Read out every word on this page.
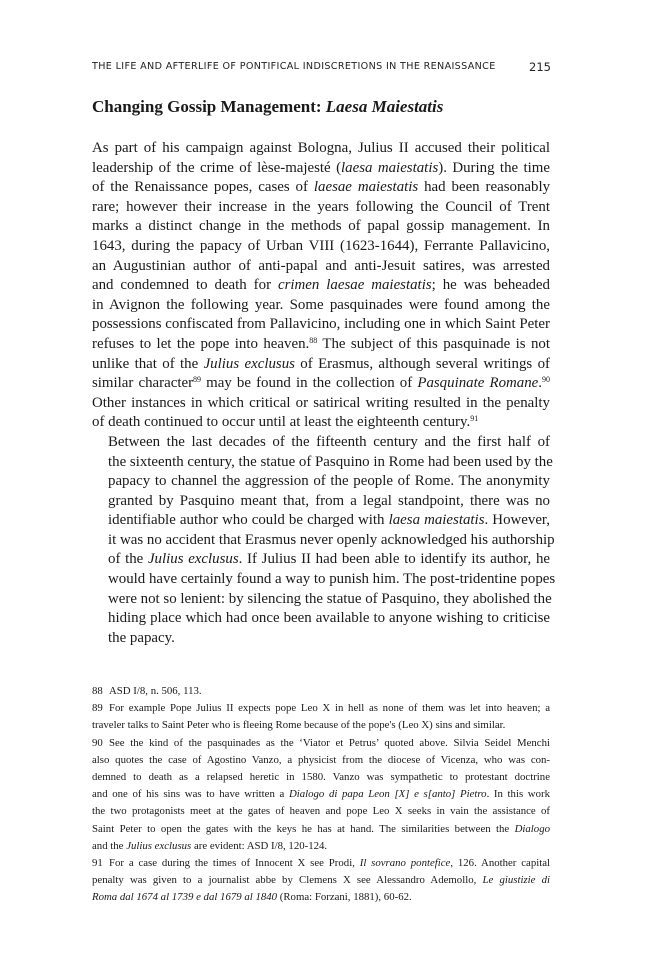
THE LIFE AND AFTERLIFE OF PONTIFICAL INDISCRETIONS IN THE RENAISSANCE	215
Changing Gossip Management: Laesa Maiestatis

As part of his campaign against Bologna, Julius II accused their political
leadership of the crime of lèse-majesté (laesa maiestatis). During the time
of the Renaissance popes, cases of laesae maiestatis had been reasonably
rare; however their increase in the years following the Council of Trent
marks a distinct change in the methods of papal gossip management. In
1643, during the papacy of Urban VIII (1623-1644), Ferrante Pallavicino,
an Augustinian author of anti-papal and anti-Jesuit satires, was arrested
and condemned to death for crimen laesae maiestatis; he was beheaded
in Avignon the following year. Some pasquinades were found among the
possessions confiscated from Pallavicino, including one in which Saint Peter
refuses to let the pope into heaven.$^{88}$ The subject of this pasquinade is not
unlike that of the Julius exclusus of Erasmus, although several writings of
similar character$^{89}$ may be found in the collection of Pasquinate Romane.$^{90}$
Other instances in which critical or satirical writing resulted in the penalty
of death continued to occur until at least the eighteenth century.$^{91}$

Between the last decades of the fifteenth century and the first half of
the sixteenth century, the statue of Pasquino in Rome had been used by the
papacy to channel the aggression of the people of Rome. The anonymity
granted by Pasquino meant that, from a legal standpoint, there was no
identifiable author who could be charged with laesa maiestatis. However,
it was no accident that Erasmus never openly acknowledged his authorship
of the Julius exclusus. If Julius II had been able to identify its author, he
would have certainly found a way to punish him. The post-tridentine popes
were not so lenient: by silencing the statue of Pasquino, they abolished the
hiding place which had once been available to anyone wishing to criticise
the papacy.

88 ASD I/8, n. 506, 113.

89 For example Pope Julius II expects pope Leo X in hell as none of them was let into heaven; a
traveler talks to Saint Peter who is fleeing Rome because of the pope's (Leo X) sins and similar.

90 See the kind of the pasquinades as the ‘Viator et Petrus’ quoted above. Silvia Seidel Menchi
also quotes the case of Agostino Vanzo, a physicist from the diocese of Vicenza, who was con-
demned to death as a relapsed heretic in 1580. Vanzo was sympathetic to protestant doctrine
and one of his sins was to have written a Dialogo di papa Leon [X] e s[anto] Pietro. In this work
the two protagonists meet at the gates of heaven and pope Leo X seeks in vain the assistance of
Saint Peter to open the gates with the keys he has at hand. The similarities between the Dialogo
and the Julius exclusus are evident: ASD I/8, 120-124.

91 For a case during the times of Innocent X see Prodi, Il sovrano pontefice, 126. Another capital
penalty was given to a journalist abbe by Clemens X see Alessandro Ademollo, Le giustizie di
Roma dal 1674 al 1739 e dal 1679 al 1840 (Roma: Forzani, 1881), 60-62.
